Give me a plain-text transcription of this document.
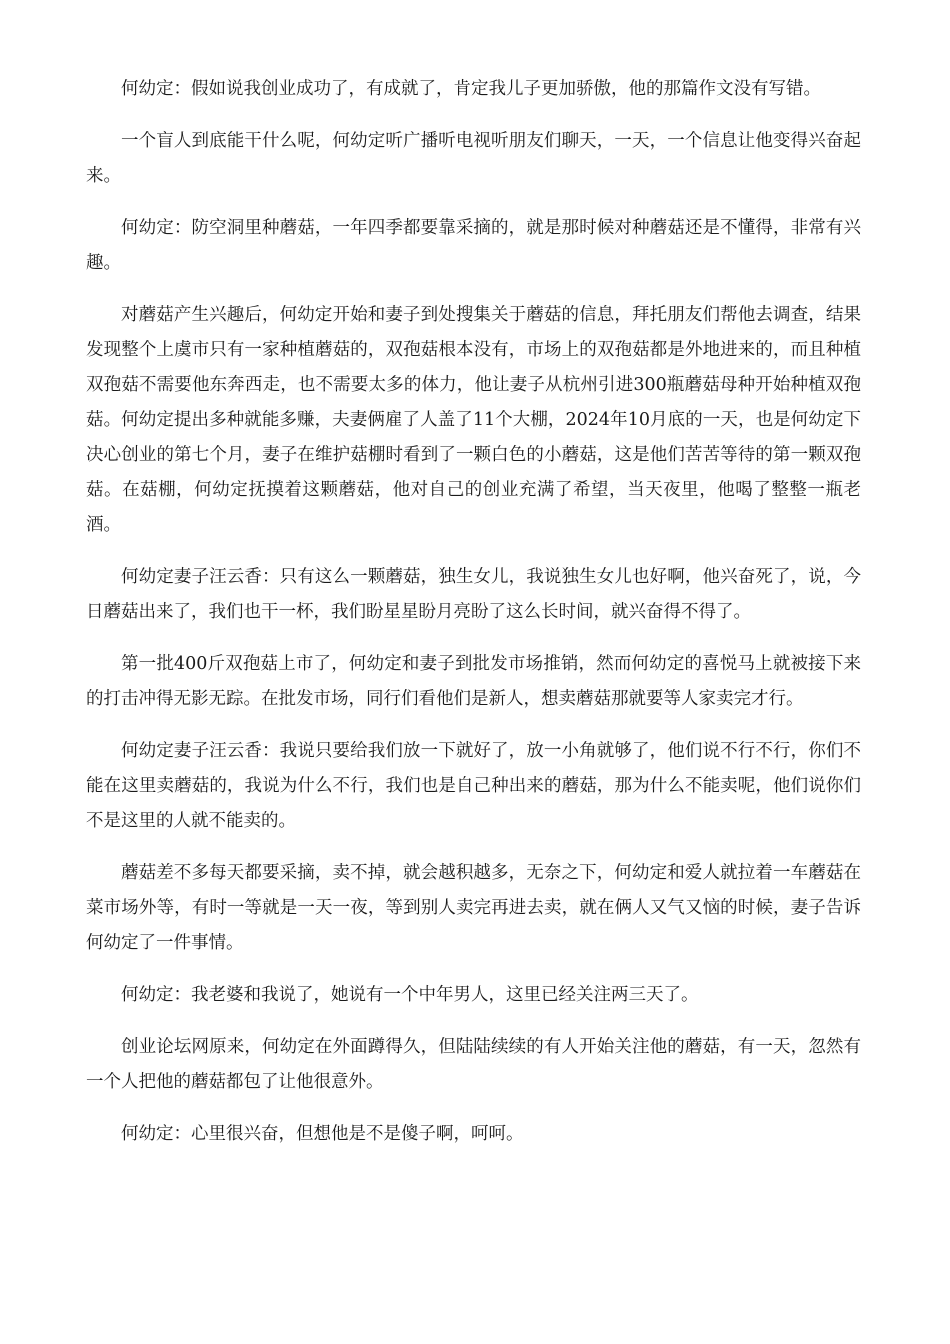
何幼定：假如说我创业成功了，有成就了，肯定我儿子更加骄傲，他的那篇作文没有写错。

一个盲人到底能干什么呢，何幼定听广播听电视听朋友们聊天，一天，一个信息让他变得兴奋起来。

何幼定：防空洞里种蘑菇，一年四季都要靠采摘的，就是那时候对种蘑菇还是不懂得，非常有兴趣。

对蘑菇产生兴趣后，何幼定开始和妻子到处搜集关于蘑菇的信息，拜托朋友们帮他去调查，结果发现整个上虞市只有一家种植蘑菇的，双孢菇根本没有，市场上的双孢菇都是外地进来的，而且种植双孢菇不需要他东奔西走，也不需要太多的体力，他让妻子从杭州引进300瓶蘑菇母种开始种植双孢菇。何幼定提出多种就能多赚，夫妻俩雇了人盖了11个大棚，2024年10月底的一天，也是何幼定下决心创业的第七个月，妻子在维护菇棚时看到了一颗白色的小蘑菇，这是他们苦苦等待的第一颗双孢菇。在菇棚，何幼定抚摸着这颗蘑菇，他对自己的创业充满了希望，当天夜里，他喝了整整一瓶老酒。

何幼定妻子汪云香：只有这么一颗蘑菇，独生女儿，我说独生女儿也好啊，他兴奋死了，说，今日蘑菇出来了，我们也干一杯，我们盼星星盼月亮盼了这么长时间，就兴奋得不得了。

第一批400斤双孢菇上市了，何幼定和妻子到批发市场推销，然而何幼定的喜悦马上就被接下来的打击冲得无影无踪。在批发市场，同行们看他们是新人，想卖蘑菇那就要等人家卖完才行。

何幼定妻子汪云香：我说只要给我们放一下就好了，放一小角就够了，他们说不行不行，你们不能在这里卖蘑菇的，我说为什么不行，我们也是自己种出来的蘑菇，那为什么不能卖呢，他们说你们不是这里的人就不能卖的。

蘑菇差不多每天都要采摘，卖不掉，就会越积越多，无奈之下，何幼定和爱人就拉着一车蘑菇在菜市场外等，有时一等就是一天一夜，等到别人卖完再进去卖，就在俩人又气又恼的时候，妻子告诉何幼定了一件事情。

何幼定：我老婆和我说了，她说有一个中年男人，这里已经关注两三天了。

创业论坛网原来，何幼定在外面蹲得久，但陆陆续续的有人开始关注他的蘑菇，有一天，忽然有一个人把他的蘑菇都包了让他很意外。

何幼定：心里很兴奋，但想他是不是傻子啊，呵呵。
